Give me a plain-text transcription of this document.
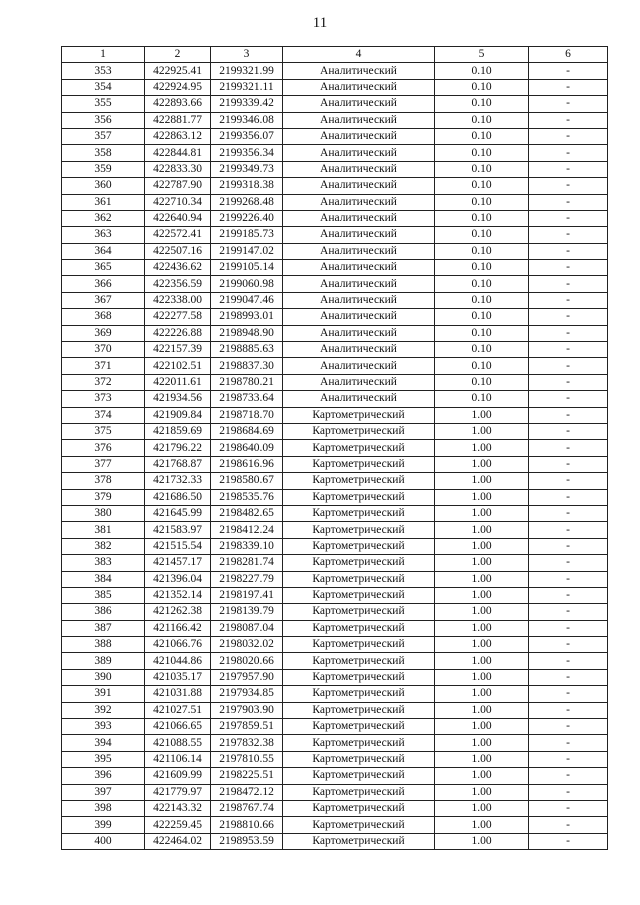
11
1	2	3	4	5	6
353	422925.41	2199321.99	Аналитический	0.10	-
354	422924.95	2199321.11	Аналитический	0.10	-
355	422893.66	2199339.42	Аналитический	0.10	-
356	422881.77	2199346.08	Аналитический	0.10	-
357	422863.12	2199356.07	Аналитический	0.10	-
358	422844.81	2199356.34	Аналитический	0.10	-
359	422833.30	2199349.73	Аналитический	0.10	-
360	422787.90	2199318.38	Аналитический	0.10	-
361	422710.34	2199268.48	Аналитический	0.10	-
362	422640.94	2199226.40	Аналитический	0.10	-
363	422572.41	2199185.73	Аналитический	0.10	-
364	422507.16	2199147.02	Аналитический	0.10	-
365	422436.62	2199105.14	Аналитический	0.10	-
366	422356.59	2199060.98	Аналитический	0.10	-
367	422338.00	2199047.46	Аналитический	0.10	-
368	422277.58	2198993.01	Аналитический	0.10	-
369	422226.88	2198948.90	Аналитический	0.10	-
370	422157.39	2198885.63	Аналитический	0.10	-
371	422102.51	2198837.30	Аналитический	0.10	-
372	422011.61	2198780.21	Аналитический	0.10	-
373	421934.56	2198733.64	Аналитический	0.10	-
374	421909.84	2198718.70	Картометрический	1.00	-
375	421859.69	2198684.69	Картометрический	1.00	-
376	421796.22	2198640.09	Картометрический	1.00	-
377	421768.87	2198616.96	Картометрический	1.00	-
378	421732.33	2198580.67	Картометрический	1.00	-
379	421686.50	2198535.76	Картометрический	1.00	-
380	421645.99	2198482.65	Картометрический	1.00	-
381	421583.97	2198412.24	Картометрический	1.00	-
382	421515.54	2198339.10	Картометрический	1.00	-
383	421457.17	2198281.74	Картометрический	1.00	-
384	421396.04	2198227.79	Картометрический	1.00	-
385	421352.14	2198197.41	Картометрический	1.00	-
386	421262.38	2198139.79	Картометрический	1.00	-
387	421166.42	2198087.04	Картометрический	1.00	-
388	421066.76	2198032.02	Картометрический	1.00	-
389	421044.86	2198020.66	Картометрический	1.00	-
390	421035.17	2197957.90	Картометрический	1.00	-
391	421031.88	2197934.85	Картометрический	1.00	-
392	421027.51	2197903.90	Картометрический	1.00	-
393	421066.65	2197859.51	Картометрический	1.00	-
394	421088.55	2197832.38	Картометрический	1.00	-
395	421106.14	2197810.55	Картометрический	1.00	-
396	421609.99	2198225.51	Картометрический	1.00	-
397	421779.97	2198472.12	Картометрический	1.00	-
398	422143.32	2198767.74	Картометрический	1.00	-
399	422259.45	2198810.66	Картометрический	1.00	-
400	422464.02	2198953.59	Картометрический	1.00	-
